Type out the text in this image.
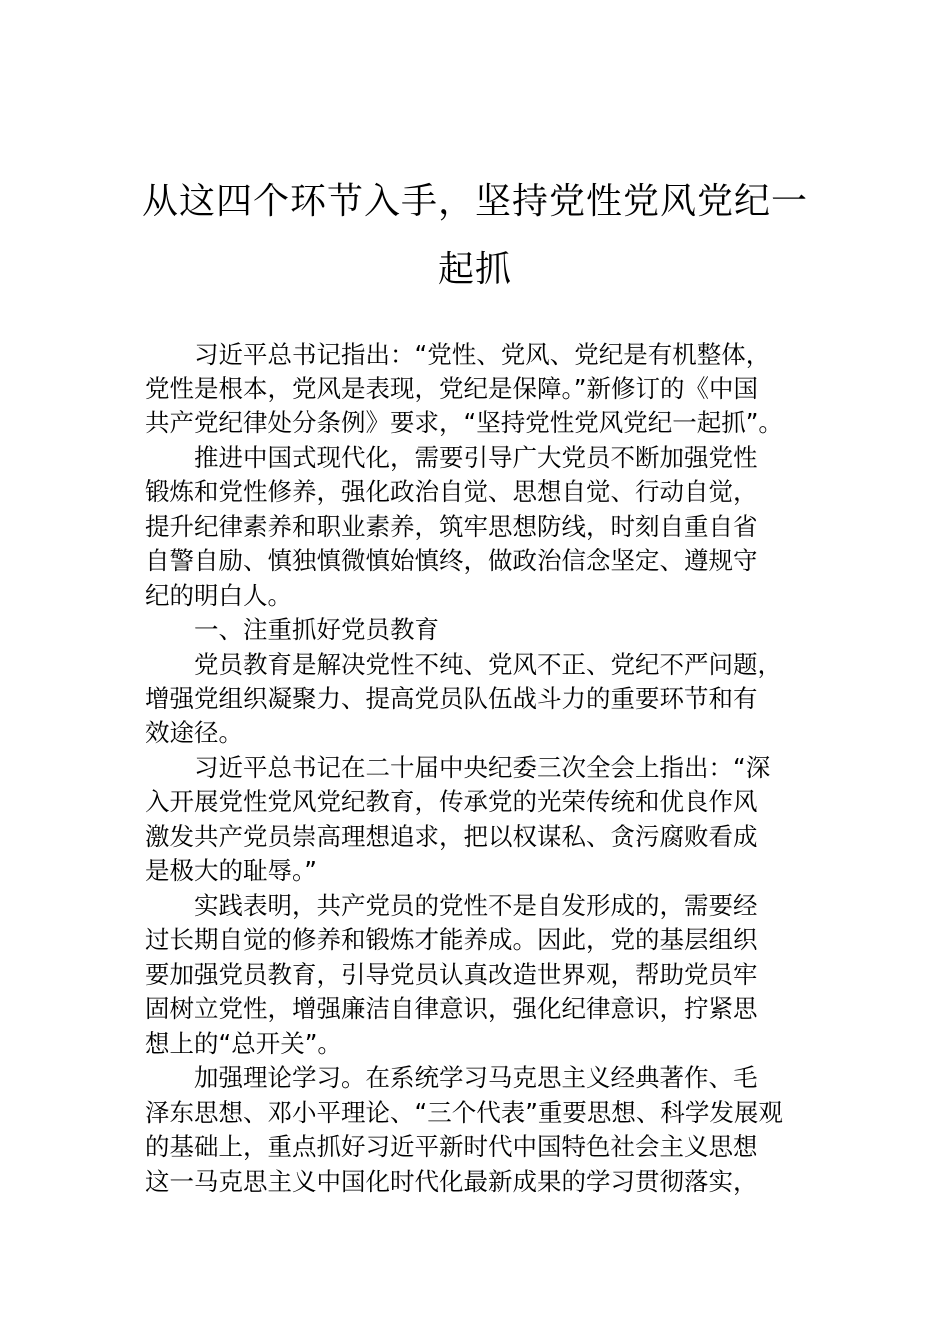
从这四个环节入手，坚持党性党风党纪一
起抓
　　习近平总书记指出：“党性、党风、党纪是有机整体，
党性是根本，党风是表现，党纪是保障。”新修订的《中国
共产党纪律处分条例》要求，“坚持党性党风党纪一起抓”。
　　推进中国式现代化，需要引导广大党员不断加强党性
锻炼和党性修养，强化政治自觉、思想自觉、行动自觉，
提升纪律素养和职业素养，筑牢思想防线，时刻自重自省
自警自励、慎独慎微慎始慎终，做政治信念坚定、遵规守
纪的明白人。
　　一、注重抓好党员教育
　　党员教育是解决党性不纯、党风不正、党纪不严问题，
增强党组织凝聚力、提高党员队伍战斗力的重要环节和有
效途径。
　　习近平总书记在二十届中央纪委三次全会上指出：“深
入开展党性党风党纪教育，传承党的光荣传统和优良作风
激发共产党员崇高理想追求，把以权谋私、贪污腐败看成
是极大的耻辱。”
　　实践表明，共产党员的党性不是自发形成的，需要经
过长期自觉的修养和锻炼才能养成。因此，党的基层组织
要加强党员教育，引导党员认真改造世界观，帮助党员牢
固树立党性，增强廉洁自律意识，强化纪律意识，拧紧思
想上的“总开关”。
　　加强理论学习。在系统学习马克思主义经典著作、毛
泽东思想、邓小平理论、“三个代表”重要思想、科学发展观
的基础上，重点抓好习近平新时代中国特色社会主义思想
这一马克思主义中国化时代化最新成果的学习贯彻落实，
